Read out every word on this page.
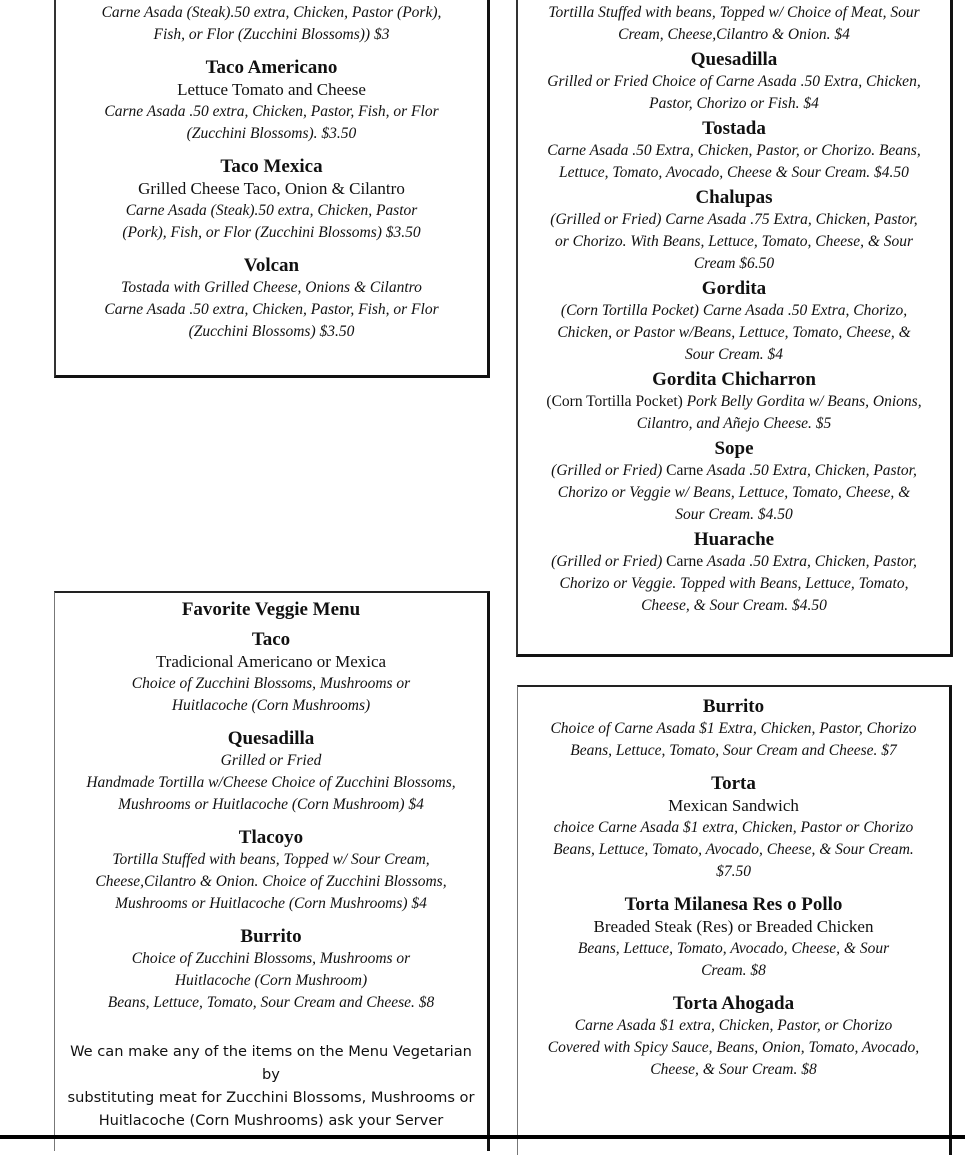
Carne Asada (Steak).50 extra, Chicken, Pastor (Pork),

Fish, or Flor (Zucchini Blossoms)) $3

Taco Americano

Lettuce Tomato and Cheese

Carne Asada .50 extra, Chicken, Pastor, Fish, or Flor

(Zucchini Blossoms). $3.50

Taco Mexica

Grilled Cheese Taco, Onion & Cilantro

Carne Asada (Steak).50 extra, Chicken, Pastor

(Pork), Fish, or Flor (Zucchini Blossoms) $3.50

Volcan

Tostada with Grilled Cheese, Onions & Cilantro

Carne Asada .50 extra, Chicken, Pastor, Fish, or Flor

(Zucchini Blossoms) $3.50

Tortilla Stuffed with beans, Topped w/ Choice of Meat, Sour

Cream, Cheese,Cilantro & Onion. $4

Quesadilla

Grilled or Fried Choice of Carne Asada .50 Extra, Chicken,

Pastor, Chorizo or Fish. $4

Tostada

Carne Asada .50 Extra, Chicken, Pastor, or Chorizo. Beans,

Lettuce, Tomato, Avocado, Cheese & Sour Cream. $4.50

Chalupas

(Grilled or Fried) Carne Asada .75 Extra, Chicken, Pastor,

or Chorizo. With Beans, Lettuce, Tomato, Cheese, & Sour

Cream $6.50

Gordita

(Corn Tortilla Pocket) Carne Asada .50 Extra, Chorizo,

Chicken, or Pastor w/Beans, Lettuce, Tomato, Cheese, &

Sour Cream. $4

Gordita Chicharron

(Corn Tortilla Pocket) Pork Belly Gordita w/ Beans, Onions,

Cilantro, and Añejo Cheese. $5

Sope

(Grilled or Fried) Carne Asada .50 Extra, Chicken, Pastor,

Chorizo or Veggie w/ Beans, Lettuce, Tomato, Cheese, &

Sour Cream. $4.50

Huarache

(Grilled or Fried) Carne Asada .50 Extra, Chicken, Pastor,

Chorizo or Veggie. Topped with Beans, Lettuce, Tomato,

Cheese, & Sour Cream. $4.50

Favorite Veggie Menu

Taco

Tradicional Americano or Mexica

Choice of Zucchini Blossoms, Mushrooms or

Huitlacoche (Corn Mushrooms)

Quesadilla

Grilled or Fried

Handmade Tortilla w/Cheese Choice of Zucchini Blossoms,

Mushrooms or Huitlacoche (Corn Mushroom) $4

Tlacoyo

Tortilla Stuffed with beans, Topped w/ Sour Cream,

Cheese,Cilantro & Onion. Choice of Zucchini Blossoms,

Mushrooms or Huitlacoche (Corn Mushrooms) $4

Burrito

Choice of Zucchini Blossoms, Mushrooms or

Huitlacoche (Corn Mushroom)

Beans, Lettuce, Tomato, Sour Cream and Cheese. $8

We can make any of the items on the Menu Vegetarian by
substituting meat for Zucchini Blossoms, Mushrooms or
Huitlacoche (Corn Mushrooms) ask your Server

Burrito

Choice of Carne Asada $1 Extra, Chicken, Pastor, Chorizo

Beans, Lettuce, Tomato, Sour Cream and Cheese. $7

Torta

Mexican Sandwich

choice Carne Asada $1 extra, Chicken, Pastor or Chorizo

Beans, Lettuce, Tomato, Avocado, Cheese, & Sour Cream.

$7.50

Torta Milanesa Res o Pollo

Breaded Steak (Res) or Breaded Chicken

Beans, Lettuce, Tomato, Avocado, Cheese, & Sour

Cream. $8

Torta Ahogada

Carne Asada $1 extra, Chicken, Pastor, or Chorizo

Covered with Spicy Sauce, Beans, Onion, Tomato, Avocado,

Cheese, & Sour Cream. $8
